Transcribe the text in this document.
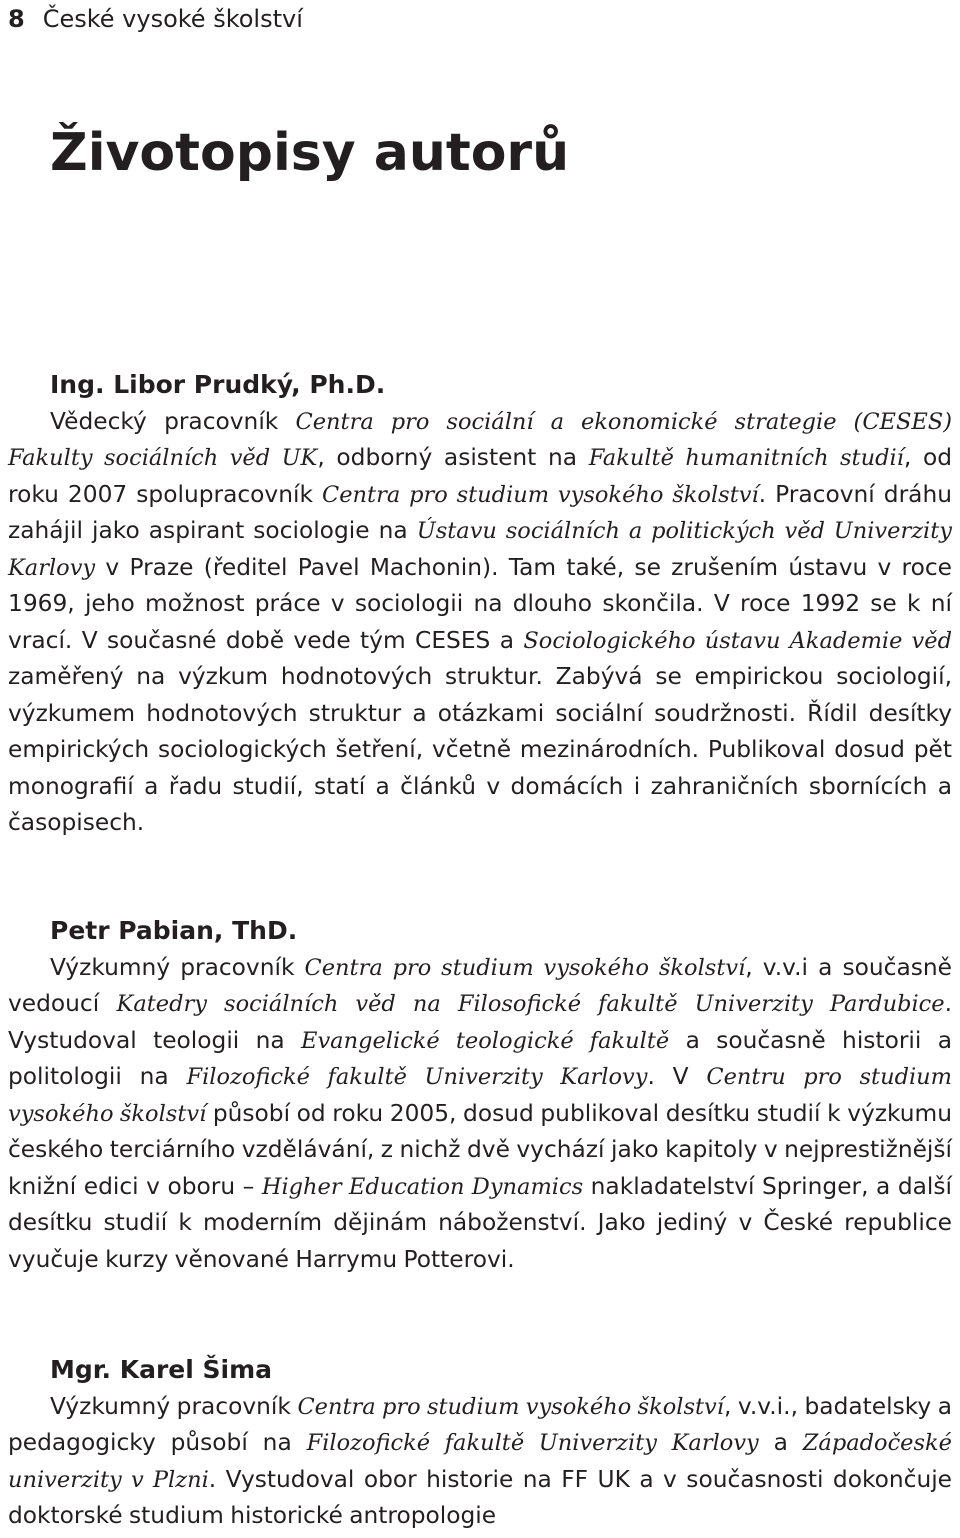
8 České vysoké školství
Životopisy autorů
Ing. Libor Prudký, Ph.D.

Vědecký pracovník Centra pro sociální a ekonomické strategie (CESES) Fakulty sociálních věd UK, odborný asistent na Fakultě humanitních studií, od roku 2007 spolupracovník Centra pro studium vysokého školství. Pracovní dráhu zahájil jako aspirant sociologie na Ústavu sociálních a politických věd Univerzity Karlovy v Praze (ředitel Pavel Machonin). Tam také, se zrušením ústavu v roce 1969, jeho možnost práce v sociologii na dlouho skončila. V roce 1992 se k ní vrací. V současné době vede tým CESES a Sociologického ústavu Akademie věd zaměřený na výzkum hodnotových struktur. Zabývá se empirickou sociologií, výzkumem hodnotových struktur a otázkami sociální soudržnosti. Řídil desítky empirických sociologických šetření, včetně mezinárodních. Publikoval dosud pět monografií a řadu studií, statí a článků v domácích i zahraničních sbornících a časopisech.

Petr Pabian, ThD.

Výzkumný pracovník Centra pro studium vysokého školství, v.v.i a současně vedoucí Katedry sociálních věd na Filosofické fakultě Univerzity Pardubice. Vystudoval teologii na Evangelické teologické fakultě a současně historii a politologii na Filozofické fakultě Univerzity Karlovy. V Centru pro studium vysokého školství působí od roku 2005, dosud publikoval desítku studií k výzkumu českého terciárního vzdělávání, z nichž dvě vychází jako kapitoly v nejprestižnější knižní edici v oboru – Higher Education Dynamics nakladatelství Springer, a další desítku studií k moderním dějinám náboženství. Jako jediný v České republice vyučuje kurzy věnované Harrymu Potterovi.

Mgr. Karel Šima

Výzkumný pracovník Centra pro studium vysokého školství, v.v.i., badatelsky a pedagogicky působí na Filozofické fakultě Univerzity Karlovy a Západočeské univerzity v Plzni. Vystudoval obor historie na FF UK a v současnosti dokončuje doktorské studium historické antropologie
